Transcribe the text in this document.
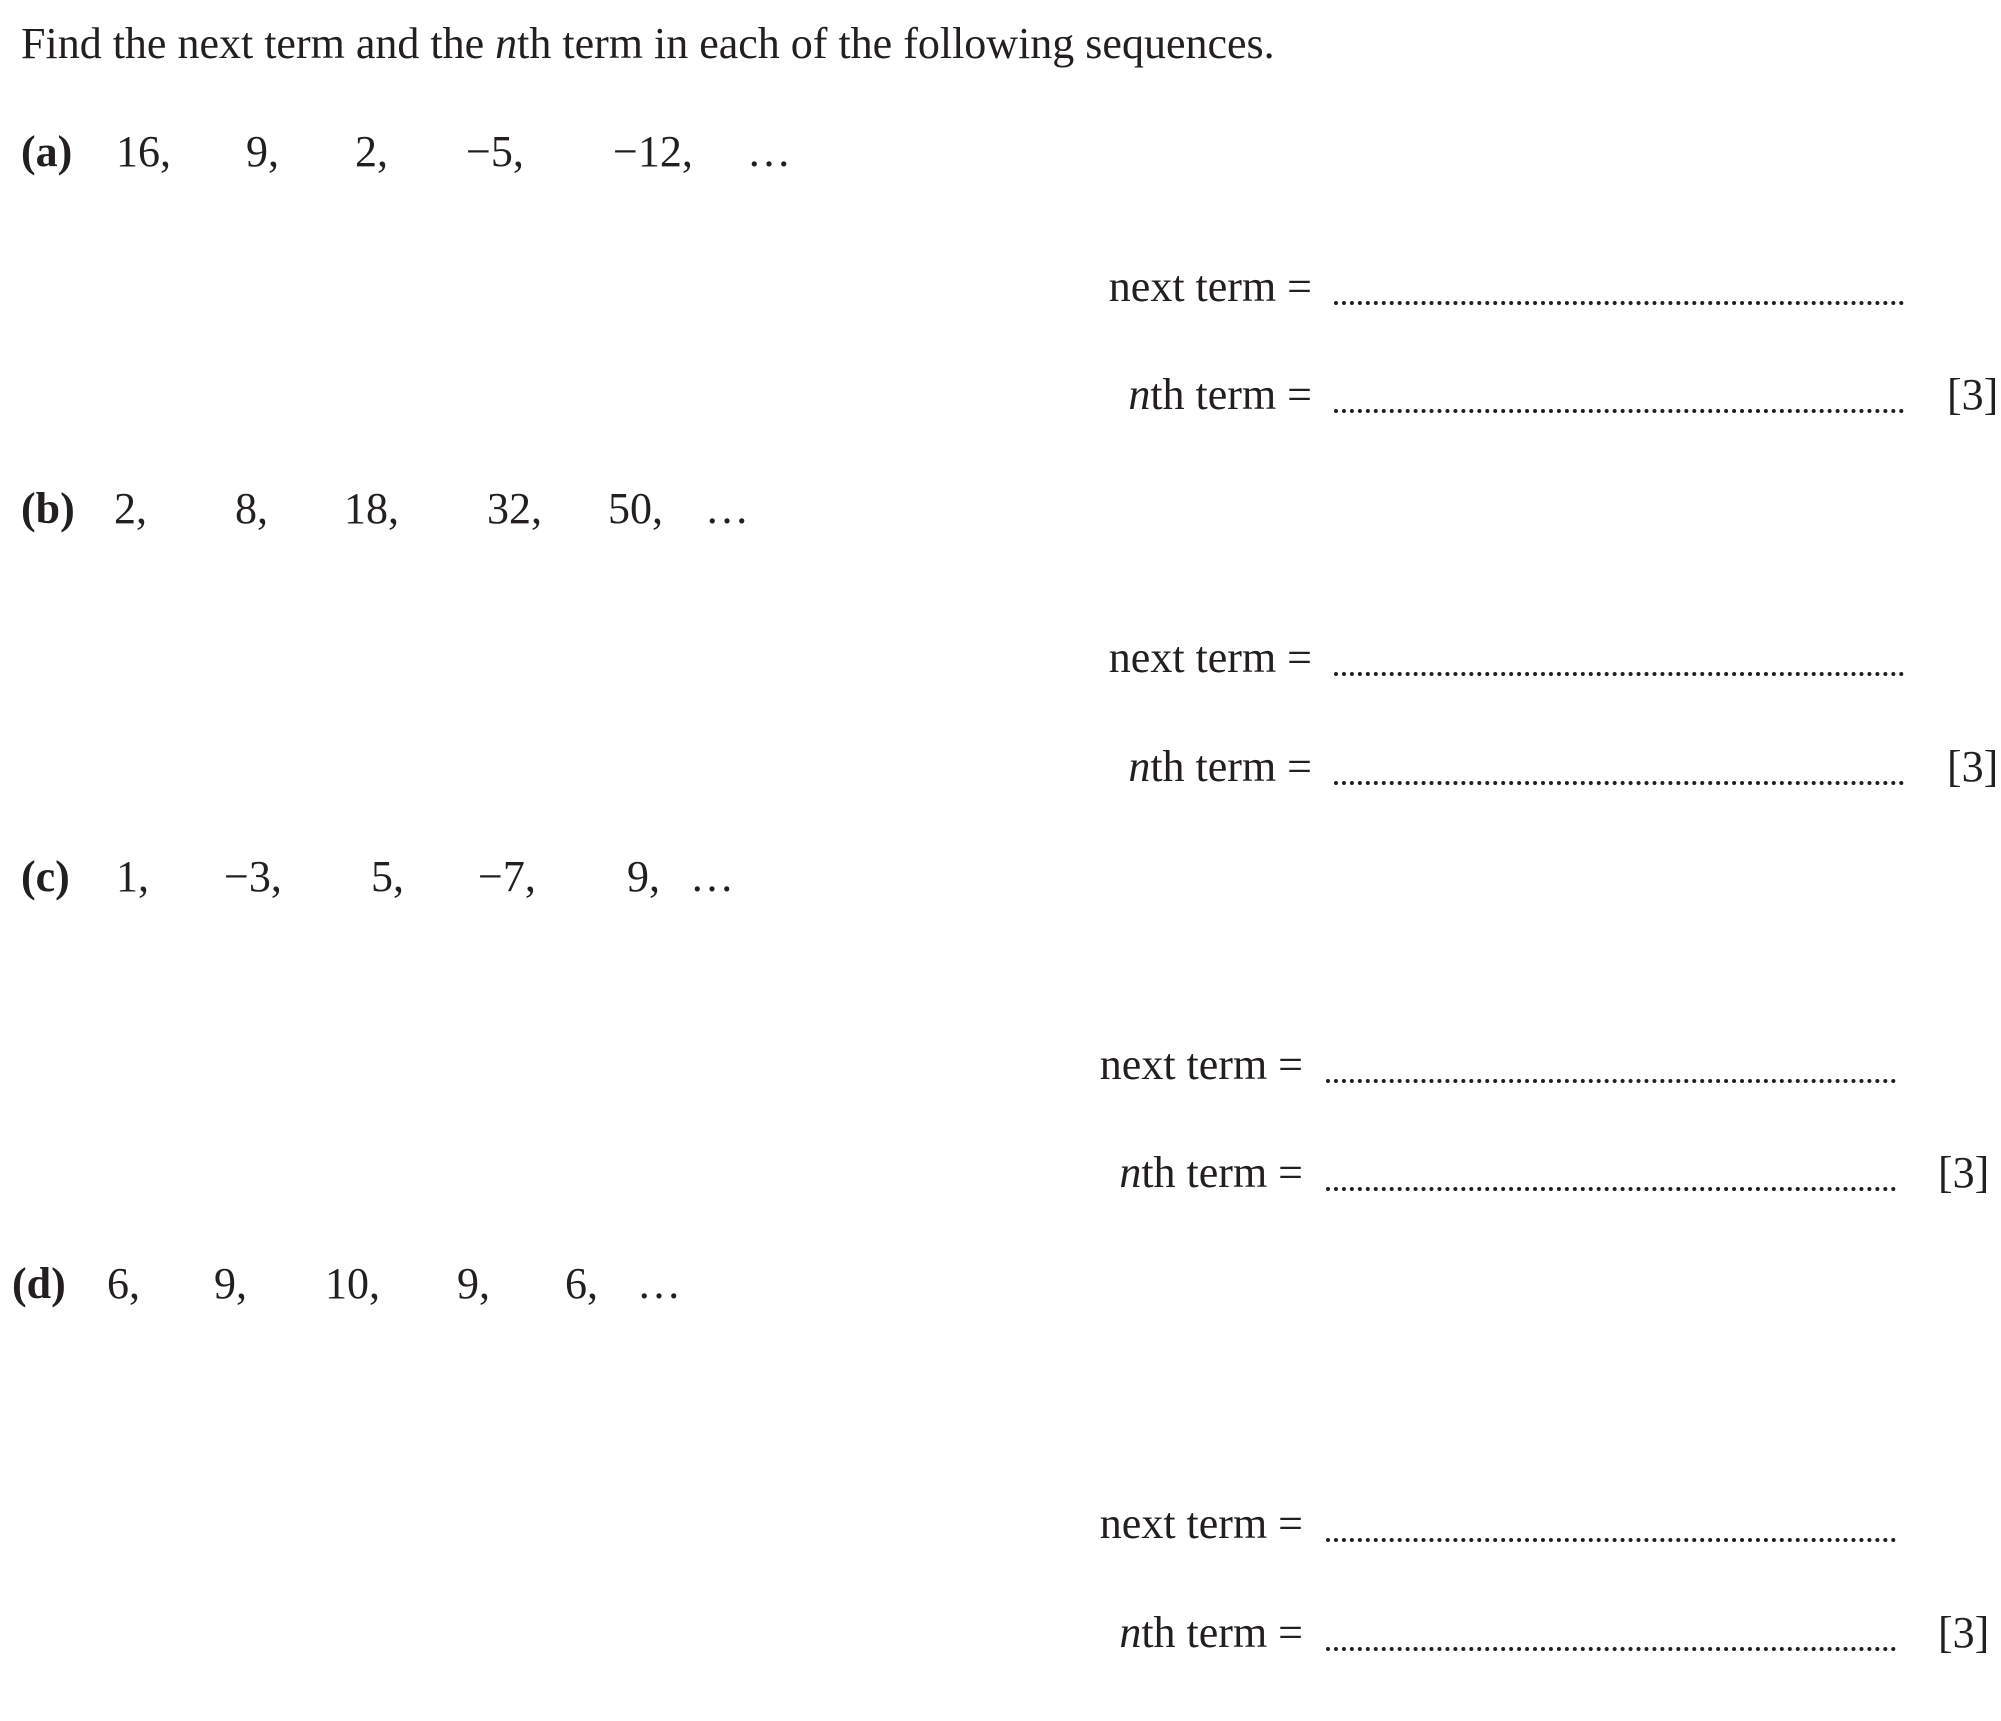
Find the next term and the nth term in each of the following sequences.
(a) 16, 9, 2, −5, −12, …
next term =
nth term =	[3]
(b) 2, 8, 18, 32, 50, …
next term =
nth term =	[3]
(c) 1, −3, 5, −7, 9, …
next term =
nth term =	[3]
(d) 6, 9, 10, 9, 6, …
next term =
nth term =	[3]
